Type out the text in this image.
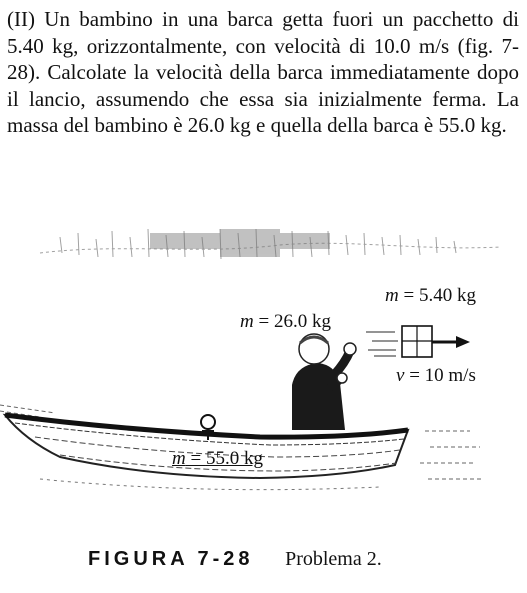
(II) Un bambino in una barca getta fuori un pacchetto di 5.40 kg, orizzontalmente, con velocità di 10.0 m/s (fig. 7-28). Calcolate la velocità della barca immediatamente dopo il lancio, assumendo che essa sia inizialmente ferma. La massa del bambino è 26.0 kg e quella della barca è 55.0 kg.

m = 5.40 kg
m = 26.0 kg
v = 10 m/s
m = 55.0 kg
FIGURA 7-28 Problema 2.
